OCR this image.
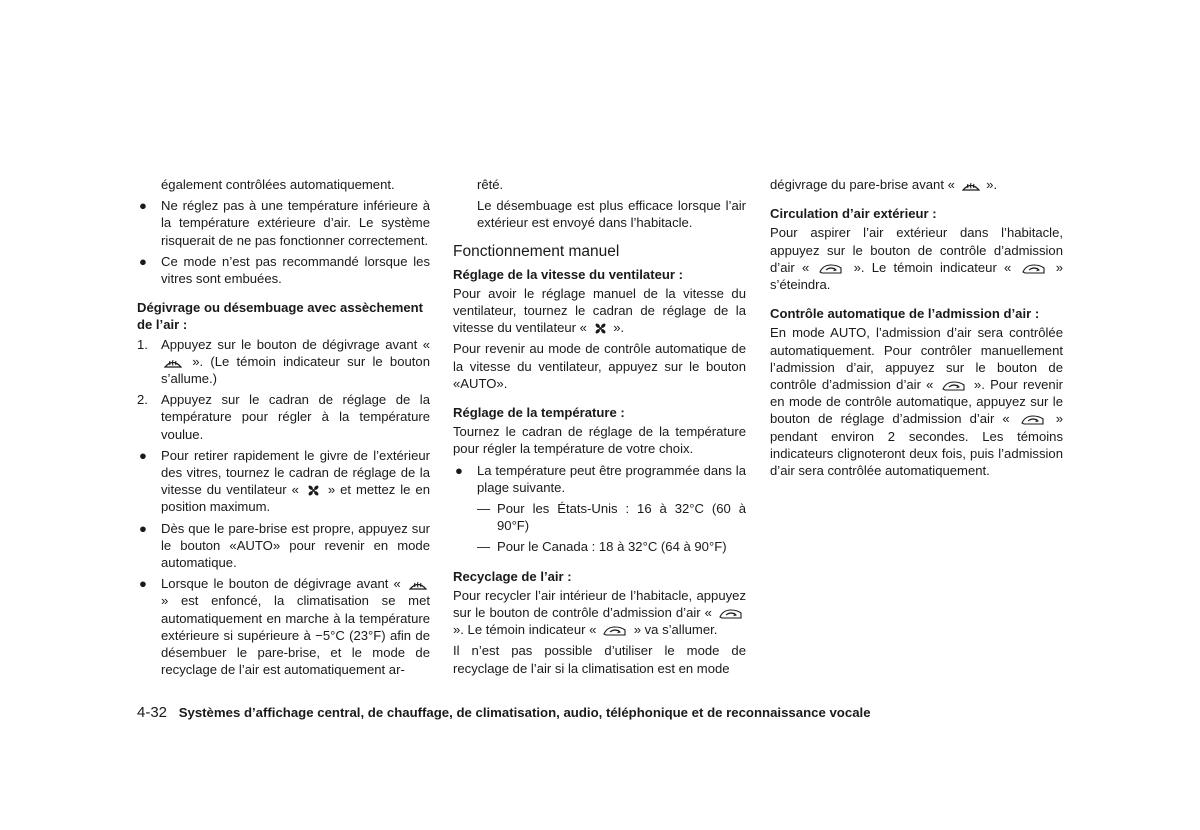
également contrôlées automatiquement.

● Ne réglez pas à une température inférieure à la température extérieure d’air. Le système risquerait de ne pas fonctionner correctement.
● Ce mode n’est pas recommandé lorsque les vitres sont embuées.
Dégivrage ou désembuage avec assèchement de l’air :
1. Appuyez sur le bouton de dégivrage avant «  ». (Le témoin indicateur sur le bouton s’allume.)
2. Appuyez sur le cadran de réglage de la température pour régler à la température voulue.
● Pour retirer rapidement le givre de l’extérieur des vitres, tournez le cadran de réglage de la vitesse du ventilateur « » et mettez le en position maximum.
● Dès que le pare-brise est propre, appuyez sur le bouton «AUTO» pour revenir en mode automatique.
● Lorsque le bouton de dégivrage avant «  » est enfoncé, la climatisation se met automatiquement en marche à la température extérieure si supérieure à −5°C (23°F) afin de désembuer le pare-brise, et le mode de recyclage de l’air est automatiquement ar-

rêté.

Le désembuage est plus efficace lorsque l’air extérieur est envoyé dans l’habitacle.

Fonctionnement manuel
Réglage de la vitesse du ventilateur :

Pour avoir le réglage manuel de la vitesse du ventilateur, tournez le cadran de réglage de la vitesse du ventilateur « ».

Pour revenir au mode de contrôle automatique de la vitesse du ventilateur, appuyez sur le bouton «AUTO».

Réglage de la température :

Tournez le cadran de réglage de la température pour régler la température de votre choix.

● La température peut être programmée dans la plage suivante.
— Pour les États-Unis : 16 à 32°C (60 à 90°F)
— Pour le Canada : 18 à 32°C (64 à 90°F)
Recyclage de l’air :

Pour recycler l’air intérieur de l’habitacle, appuyez sur le bouton de contrôle d’admission d’air «  ». Le témoin indicateur «	» va s’allumer.

Il n’est pas possible d’utiliser le mode de recyclage de l’air si la climatisation est en mode

dégivrage du pare-brise avant « ».

Circulation d’air extérieur :

Pour aspirer l’air extérieur dans l’habitacle, appuyez sur le bouton de contrôle d’admission d’air «	». Le témoin indicateur «	» s’éteindra.

Contrôle automatique de l’admission d’air :

En mode AUTO, l’admission d’air sera contrôlée automatiquement. Pour contrôler manuellement l’admission d’air, appuyez sur le bouton de contrôle d’admission d’air «	». Pour revenir en mode de contrôle automatique, appuyez sur le bouton de réglage d’admission d’air «	» pendant environ 2 secondes. Les témoins indicateurs clignoteront deux fois, puis l’admission d’air sera contrôlée automatiquement.

4-32 Systèmes d’affichage central, de chauffage, de climatisation, audio, téléphonique et de reconnaissance vocale
